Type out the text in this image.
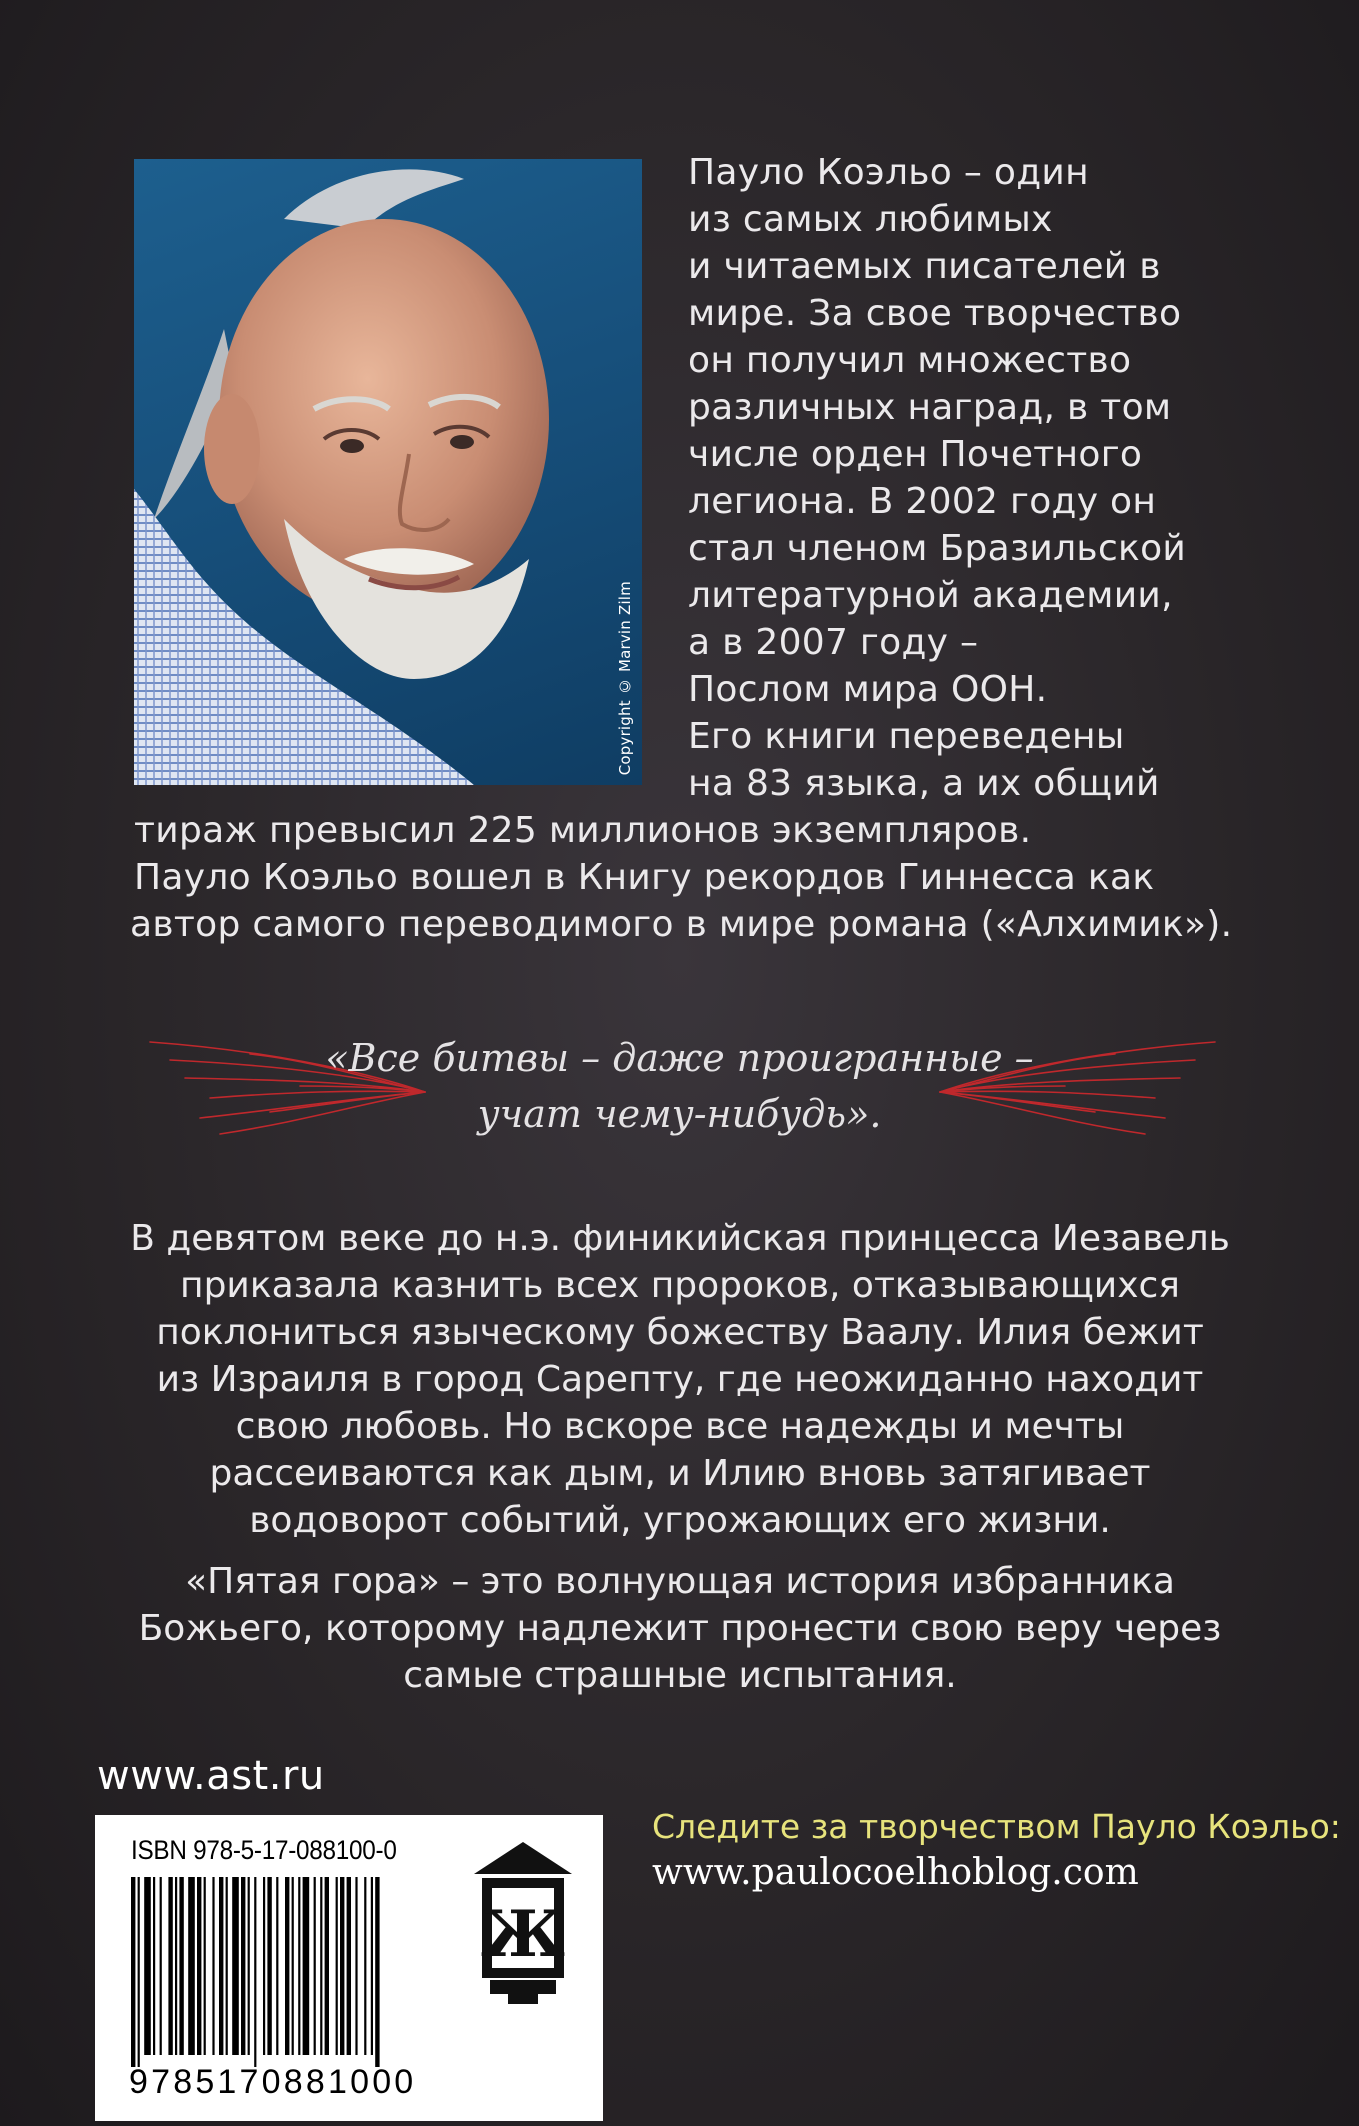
Copyright © Marvin Zilm
Пауло Коэльо – один
из самых любимых
и читаемых писателей в
мире. За свое творчество
он получил множество
различных наград, в том
числе орден Почетного
легиона. В 2002 году он
стал членом Бразильской
литературной академии,
а в 2007 году –
Послом мира ООН.
Его книги переведены
на 83 языка, а их общий
тираж превысил 225 миллионов экземпляров.
Пауло Коэльо вошел в Книгу рекордов Гиннесса как
автор самого переводимого в мире романа («Алхимик»).
«Все битвы – даже проигранные –
учат чему-нибудь».
В девятом веке до н.э. финикийская принцесса Иезавель
приказала казнить всех пророков, отказывающихся
поклониться языческому божеству Ваалу. Илия бежит
из Израиля в город Сарепту, где неожиданно находит
свою любовь. Но вскоре все надежды и мечты
рассеиваются как дым, и Илию вновь затягивает
водоворот событий, угрожающих его жизни.
«Пятая гора» – это волнующая история избранника
Божьего, которому надлежит пронести свою веру через
самые страшные испытания.
www.ast.ru
ISBN 978-5-17-088100-0
9785170881000
Ж
Следите за творчеством Пауло Коэльо:
www.paulocoelhoblog.com
